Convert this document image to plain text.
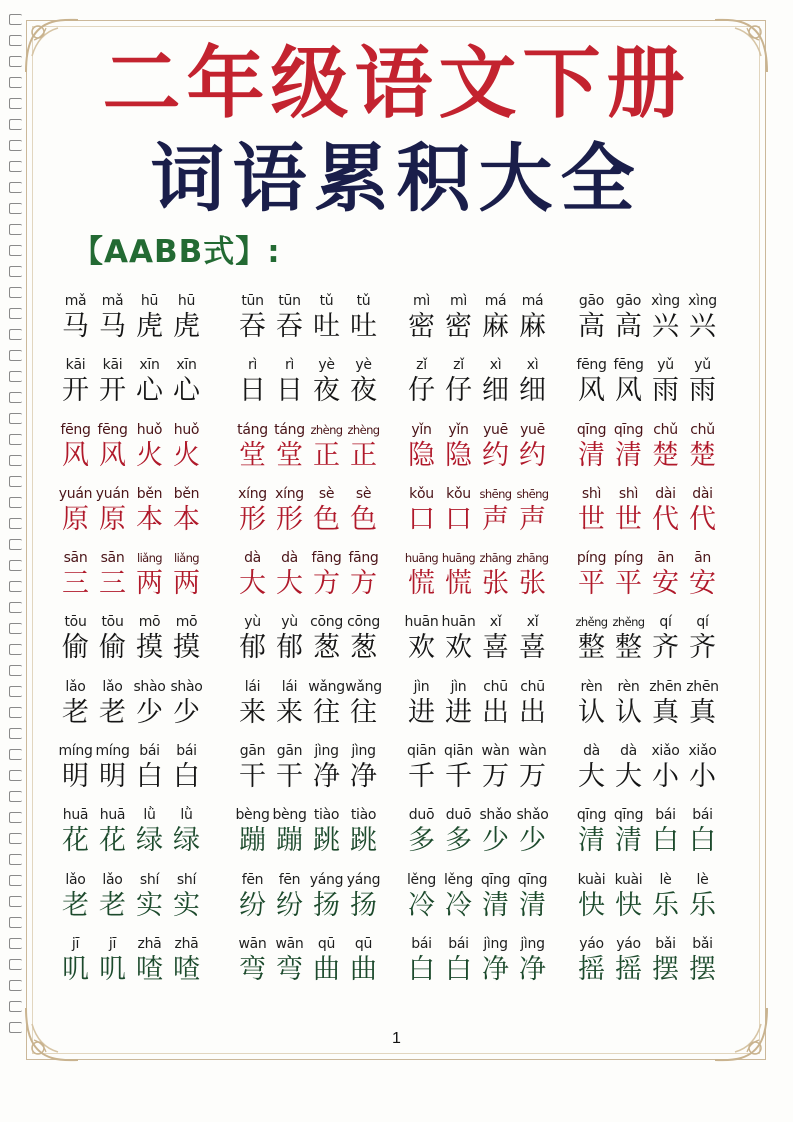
二年级语文下册
词语累积大全
【AABB式】:
mǎ
马
mǎ
马
hū
虎
hū
虎
tūn
吞
tūn
吞
tǔ
吐
tǔ
吐
mì
密
mì
密
má
麻
má
麻
gāo
高
gāo
高
xìng
兴
xìng
兴
kāi
开
kāi
开
xīn
心
xīn
心
rì
日
rì
日
yè
夜
yè
夜
zǐ
仔
zǐ
仔
xì
细
xì
细
fēng
风
fēng
风
yǔ
雨
yǔ
雨
fēng
风
fēng
风
huǒ
火
huǒ
火
táng
堂
táng
堂
zhèng
正
zhèng
正
yǐn
隐
yǐn
隐
yuē
约
yuē
约
qīng
清
qīng
清
chǔ
楚
chǔ
楚
yuán
原
yuán
原
běn
本
běn
本
xíng
形
xíng
形
sè
色
sè
色
kǒu
口
kǒu
口
shēng
声
shēng
声
shì
世
shì
世
dài
代
dài
代
sān
三
sān
三
liǎng
两
liǎng
两
dà
大
dà
大
fāng
方
fāng
方
huāng
慌
huāng
慌
zhāng
张
zhāng
张
píng
平
píng
平
ān
安
ān
安
tōu
偷
tōu
偷
mō
摸
mō
摸
yù
郁
yù
郁
cōng
葱
cōng
葱
huān
欢
huān
欢
xǐ
喜
xǐ
喜
zhěng
整
zhěng
整
qí
齐
qí
齐
lǎo
老
lǎo
老
shào
少
shào
少
lái
来
lái
来
wǎng
往
wǎng
往
jìn
进
jìn
进
chū
出
chū
出
rèn
认
rèn
认
zhēn
真
zhēn
真
míng
明
míng
明
bái
白
bái
白
gān
干
gān
干
jìng
净
jìng
净
qiān
千
qiān
千
wàn
万
wàn
万
dà
大
dà
大
xiǎo
小
xiǎo
小
huā
花
huā
花
lǜ
绿
lǜ
绿
bèng
蹦
bèng
蹦
tiào
跳
tiào
跳
duō
多
duō
多
shǎo
少
shǎo
少
qīng
清
qīng
清
bái
白
bái
白
lǎo
老
lǎo
老
shí
实
shí
实
fēn
纷
fēn
纷
yáng
扬
yáng
扬
lěng
冷
lěng
冷
qīng
清
qīng
清
kuài
快
kuài
快
lè
乐
lè
乐
jī
叽
jī
叽
zhā
喳
zhā
喳
wān
弯
wān
弯
qū
曲
qū
曲
bái
白
bái
白
jìng
净
jìng
净
yáo
摇
yáo
摇
bǎi
摆
bǎi
摆
1
